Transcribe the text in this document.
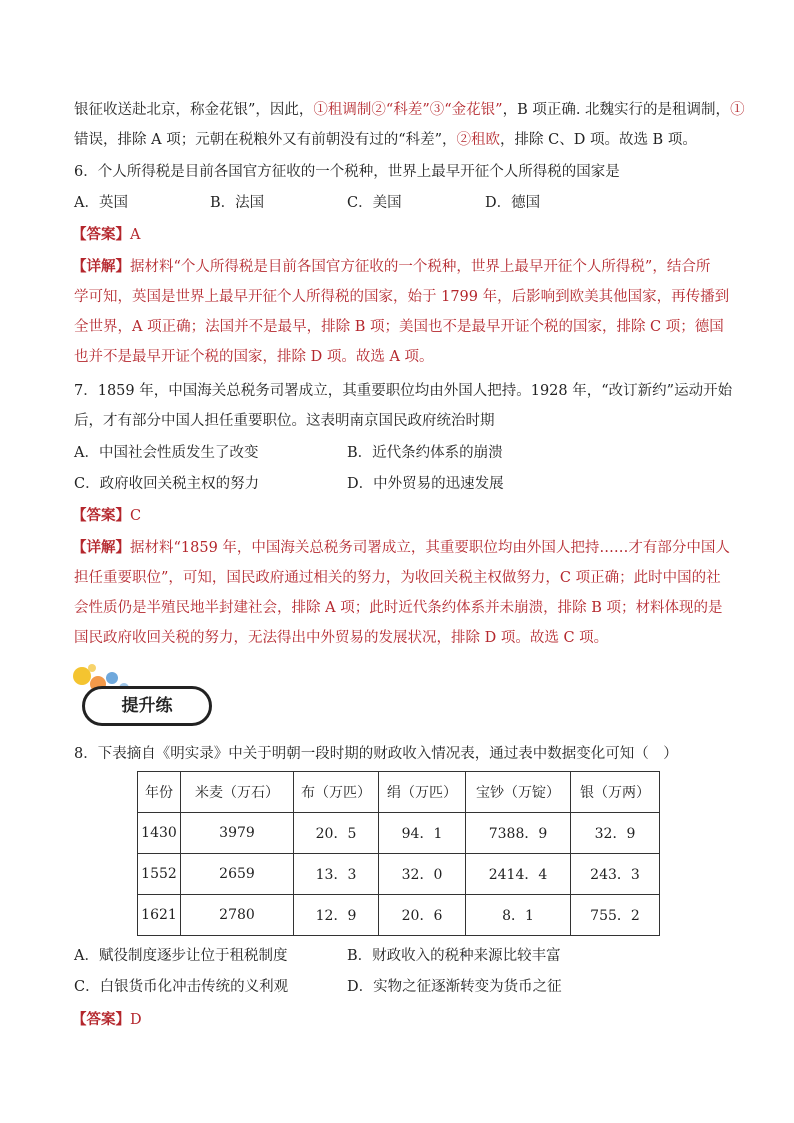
银征收送赴北京，称金花银”，因此，①租调制②“科差”③“金花银”，B 项正确. 北魏实行的是租调制，①
错误，排除 A 项；元朝在税粮外又有前朝没有过的“科差”，②租欧，排除 C、D 项。故选 B 项。
6．个人所得税是目前各国官方征收的一个税种，世界上最早开征个人所得税的国家是
A．英国	B．法国	C．美国	D．德国
【答案】A
【详解】据材料“个人所得税是目前各国官方征收的一个税种，世界上最早开征个人所得税”，结合所
学可知，英国是世界上最早开征个人所得税的国家，始于 1799 年，后影响到欧美其他国家，再传播到
全世界，A 项正确；法国并不是最早，排除 B 项；美国也不是最早开证个税的国家，排除 C 项；德国
也并不是最早开证个税的国家，排除 D 项。故选 A 项。
7．1859 年，中国海关总税务司署成立，其重要职位均由外国人把持。1928 年，“改订新约”运动开始
后，才有部分中国人担任重要职位。这表明南京国民政府统治时期
A．中国社会性质发生了改变	B．近代条约体系的崩溃
C．政府收回关税主权的努力	D．中外贸易的迅速发展
【答案】C
【详解】据材料“1859 年，中国海关总税务司署成立，其重要职位均由外国人把持……才有部分中国人
担任重要职位”，可知，国民政府通过相关的努力，为收回关税主权做努力，C 项正确；此时中国的社
会性质仍是半殖民地半封建社会，排除 A 项；此时近代条约体系并未崩溃，排除 B 项；材料体现的是
国民政府收回关税的努力，无法得出中外贸易的发展状况，排除 D 项。故选 C 项。
提升练
8．下表摘自《明实录》中关于明朝一段时期的财政收入情况表，通过表中数据变化可知（　）
年份	米麦（万石）	布（万匹）	绢（万匹）	宝钞（万锭）	银（万两）
1430	3979	20．5	94．1	7388．9	32．9
1552	2659	13．3	32．0	2414．4	243．3
1621	2780	12．9	20．6	8．1	755．2
A．赋役制度逐步让位于租税制度	B．财政收入的税种来源比较丰富
C．白银货币化冲击传统的义利观	D．实物之征逐渐转变为货币之征
【答案】D
